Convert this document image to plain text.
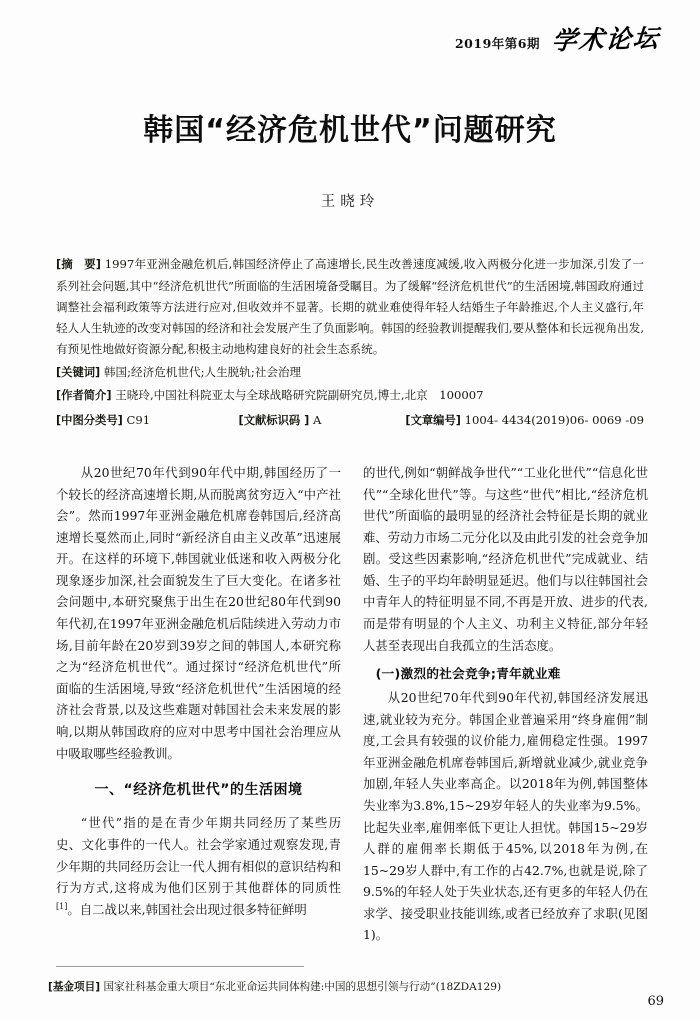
2019年第6期 学术论坛
韩国“经济危机世代”问题研究
王晓玲

[摘　要] 1997年亚洲金融危机后,韩国经济停止了高速增长,民生改善速度减缓,收入两极分化进一步加深,引发了一系列社会问题,其中“经济危机世代”所面临的生活困境备受瞩目。为了缓解“经济危机世代”的生活困境,韩国政府通过调整社会福利政策等方法进行应对,但收效并不显著。长期的就业难使得年轻人结婚生子年龄推迟,个人主义盛行,年轻人人生轨迹的改变对韩国的经济和社会发展产生了负面影响。韩国的经验教训提醒我们,要从整体和长远视角出发,有预见性地做好资源分配,积极主动地构建良好的社会生态系统。

[关键词] 韩国;经济危机世代;人生脱轨;社会治理

[作者简介] 王晓玲,中国社科院亚太与全球战略研究院副研究员,博士,北京　100007

[中图分类号] C91	[文献标识码 ] A	[文章编号] 1004- 4434(2019)06- 0069 -09

从20世纪70年代到90年代中期,韩国经历了一个较长的经济高速增长期,从而脱离贫穷迈入“中产社会”。然而1997年亚洲金融危机席卷韩国后,经济高速增长戛然而止,同时“新经济自由主义改革”迅速展开。在这样的环境下,韩国就业低迷和收入两极分化现象逐步加深,社会面貌发生了巨大变化。在诸多社会问题中,本研究聚焦于出生在20世纪80年代到90年代初,在1997年亚洲金融危机后陆续进入劳动力市场,目前年龄在20岁到39岁之间的韩国人,本研究称之为“经济危机世代”。通过探讨“经济危机世代”所面临的生活困境,导致“经济危机世代”生活困境的经济社会背景,以及这些难题对韩国社会未来发展的影响,以期从韩国政府的应对中思考中国社会治理应从中吸取哪些经验教训。

一、“经济危机世代”的生活困境

“世代”指的是在青少年期共同经历了某些历史、文化事件的一代人。社会学家通过观察发现,青少年期的共同经历会让一代人拥有相似的意识结构和行为方式,这将成为他们区别于其他群体的同质性[1]。自二战以来,韩国社会出现过很多特征鲜明

的世代,例如“朝鲜战争世代”“工业化世代”“信息化世代”“全球化世代”等。与这些“世代”相比,“经济危机世代”所面临的最明显的经济社会特征是长期的就业难、劳动力市场二元分化以及由此引发的社会竞争加剧。受这些因素影响,“经济危机世代”完成就业、结婚、生子的平均年龄明显延迟。他们与以往韩国社会中青年人的特征明显不同,不再是开放、进步的代表,而是带有明显的个人主义、功利主义特征,部分年轻人甚至表现出自我孤立的生活态度。

(一)激烈的社会竞争;青年就业难

从20世纪70年代到90年代初,韩国经济发展迅速,就业较为充分。韩国企业普遍采用“终身雇佣”制度,工会具有较强的议价能力,雇佣稳定性强。1997年亚洲金融危机席卷韩国后,新增就业减少,就业竞争加剧,年轻人失业率高企。以2018年为例,韩国整体失业率为3.8%,15~29岁年轻人的失业率为9.5%。比起失业率,雇佣率低下更让人担忧。韩国15~29岁人群的雇佣率长期低于45%,以2018年为例,在15~29岁人群中,有工作的占42.7%,也就是说,除了9.5%的年轻人处于失业状态,还有更多的年轻人仍在求学、接受职业技能训练,或者已经放弃了求职(见图1)。

[基金项目] 国家社科基金重大项目“东北亚命运共同体构建:中国的思想引领与行动”(18ZDA129)
69
